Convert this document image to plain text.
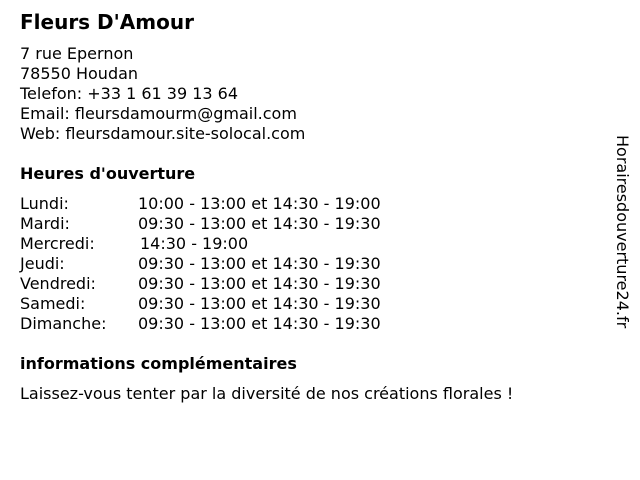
Fleurs D'Amour
7 rue Epernon
78550 Houdan
Telefon: +33 1 61 39 13 64
Email: fleursdamourm@gmail.com
Web: fleursdamour.site-solocal.com
Heures d'ouverture
Lundi:	10:00 - 13:00 et 14:30 - 19:00
Mardi:	09:30 - 13:00 et 14:30 - 19:30
Mercredi:	14:30 - 19:00
Jeudi:	09:30 - 13:00 et 14:30 - 19:30
Vendredi:	09:30 - 13:00 et 14:30 - 19:30
Samedi:	09:30 - 13:00 et 14:30 - 19:30
Dimanche: 09:30 - 13:00 et 14:30 - 19:30
informations complémentaires
Laissez-vous tenter par la diversité de nos créations florales !
Horairesdouverture24.fr
